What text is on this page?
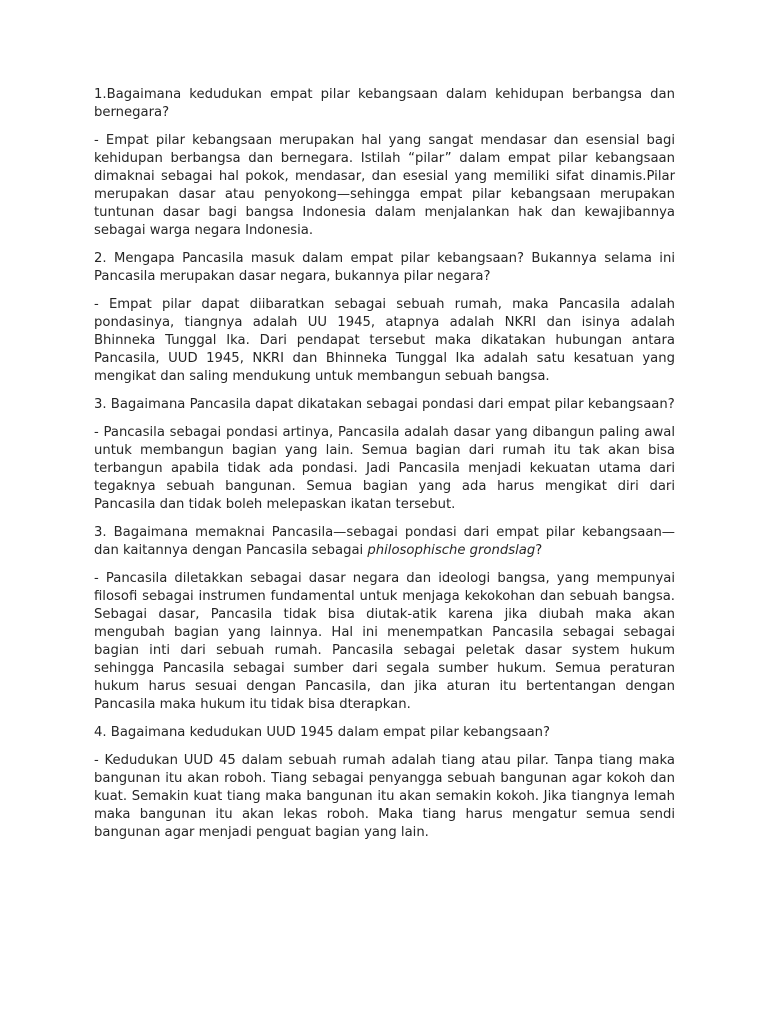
1.Bagaimana kedudukan empat pilar kebangsaan dalam kehidupan berbangsa dan bernegara?

- Empat pilar kebangsaan merupakan hal yang sangat mendasar dan esensial bagi kehidupan berbangsa dan bernegara. Istilah “pilar” dalam empat pilar kebangsaan dimaknai sebagai hal pokok, mendasar, dan esesial yang memiliki sifat dinamis.Pilar merupakan dasar atau penyokong—sehingga empat pilar kebangsaan merupakan tuntunan dasar bagi bangsa Indonesia dalam menjalankan hak dan kewajibannya sebagai warga negara Indonesia.

2. Mengapa Pancasila masuk dalam empat pilar kebangsaan? Bukannya selama ini Pancasila merupakan dasar negara, bukannya pilar negara?

- Empat pilar dapat diibaratkan sebagai sebuah rumah, maka Pancasila adalah pondasinya, tiangnya adalah UU 1945, atapnya adalah NKRI dan isinya adalah Bhinneka Tunggal Ika. Dari pendapat tersebut maka dikatakan hubungan antara Pancasila, UUD 1945, NKRI dan Bhinneka Tunggal Ika adalah satu kesatuan yang mengikat dan saling mendukung untuk membangun sebuah bangsa.

3. Bagaimana Pancasila dapat dikatakan sebagai pondasi dari empat pilar kebangsaan?

- Pancasila sebagai pondasi artinya, Pancasila adalah dasar yang dibangun paling awal untuk membangun bagian yang lain. Semua bagian dari rumah itu tak akan bisa terbangun apabila tidak ada pondasi. Jadi Pancasila menjadi kekuatan utama dari tegaknya sebuah bangunan. Semua bagian yang ada harus mengikat diri dari Pancasila dan tidak boleh melepaskan ikatan tersebut.

3. Bagaimana memaknai Pancasila—sebagai pondasi dari empat pilar kebangsaan—dan kaitannya dengan Pancasila sebagai philosophische grondslag?

- Pancasila diletakkan sebagai dasar negara dan ideologi bangsa, yang mempunyai filosofi sebagai instrumen fundamental untuk menjaga kekokohan dan sebuah bangsa. Sebagai dasar, Pancasila tidak bisa diutak-atik karena jika diubah maka akan mengubah bagian yang lainnya. Hal ini menempatkan Pancasila sebagai sebagai bagian inti dari sebuah rumah. Pancasila sebagai peletak dasar system hukum sehingga Pancasila sebagai sumber dari segala sumber hukum. Semua peraturan hukum harus sesuai dengan Pancasila, dan jika aturan itu bertentangan dengan Pancasila maka hukum itu tidak bisa dterapkan.

4. Bagaimana kedudukan UUD 1945 dalam empat pilar kebangsaan?

- Kedudukan UUD 45 dalam sebuah rumah adalah tiang atau pilar. Tanpa tiang maka bangunan itu akan roboh. Tiang sebagai penyangga sebuah bangunan agar kokoh dan kuat. Semakin kuat tiang maka bangunan itu akan semakin kokoh. Jika tiangnya lemah maka bangunan itu akan lekas roboh. Maka tiang harus mengatur semua sendi bangunan agar menjadi penguat bagian yang lain.
